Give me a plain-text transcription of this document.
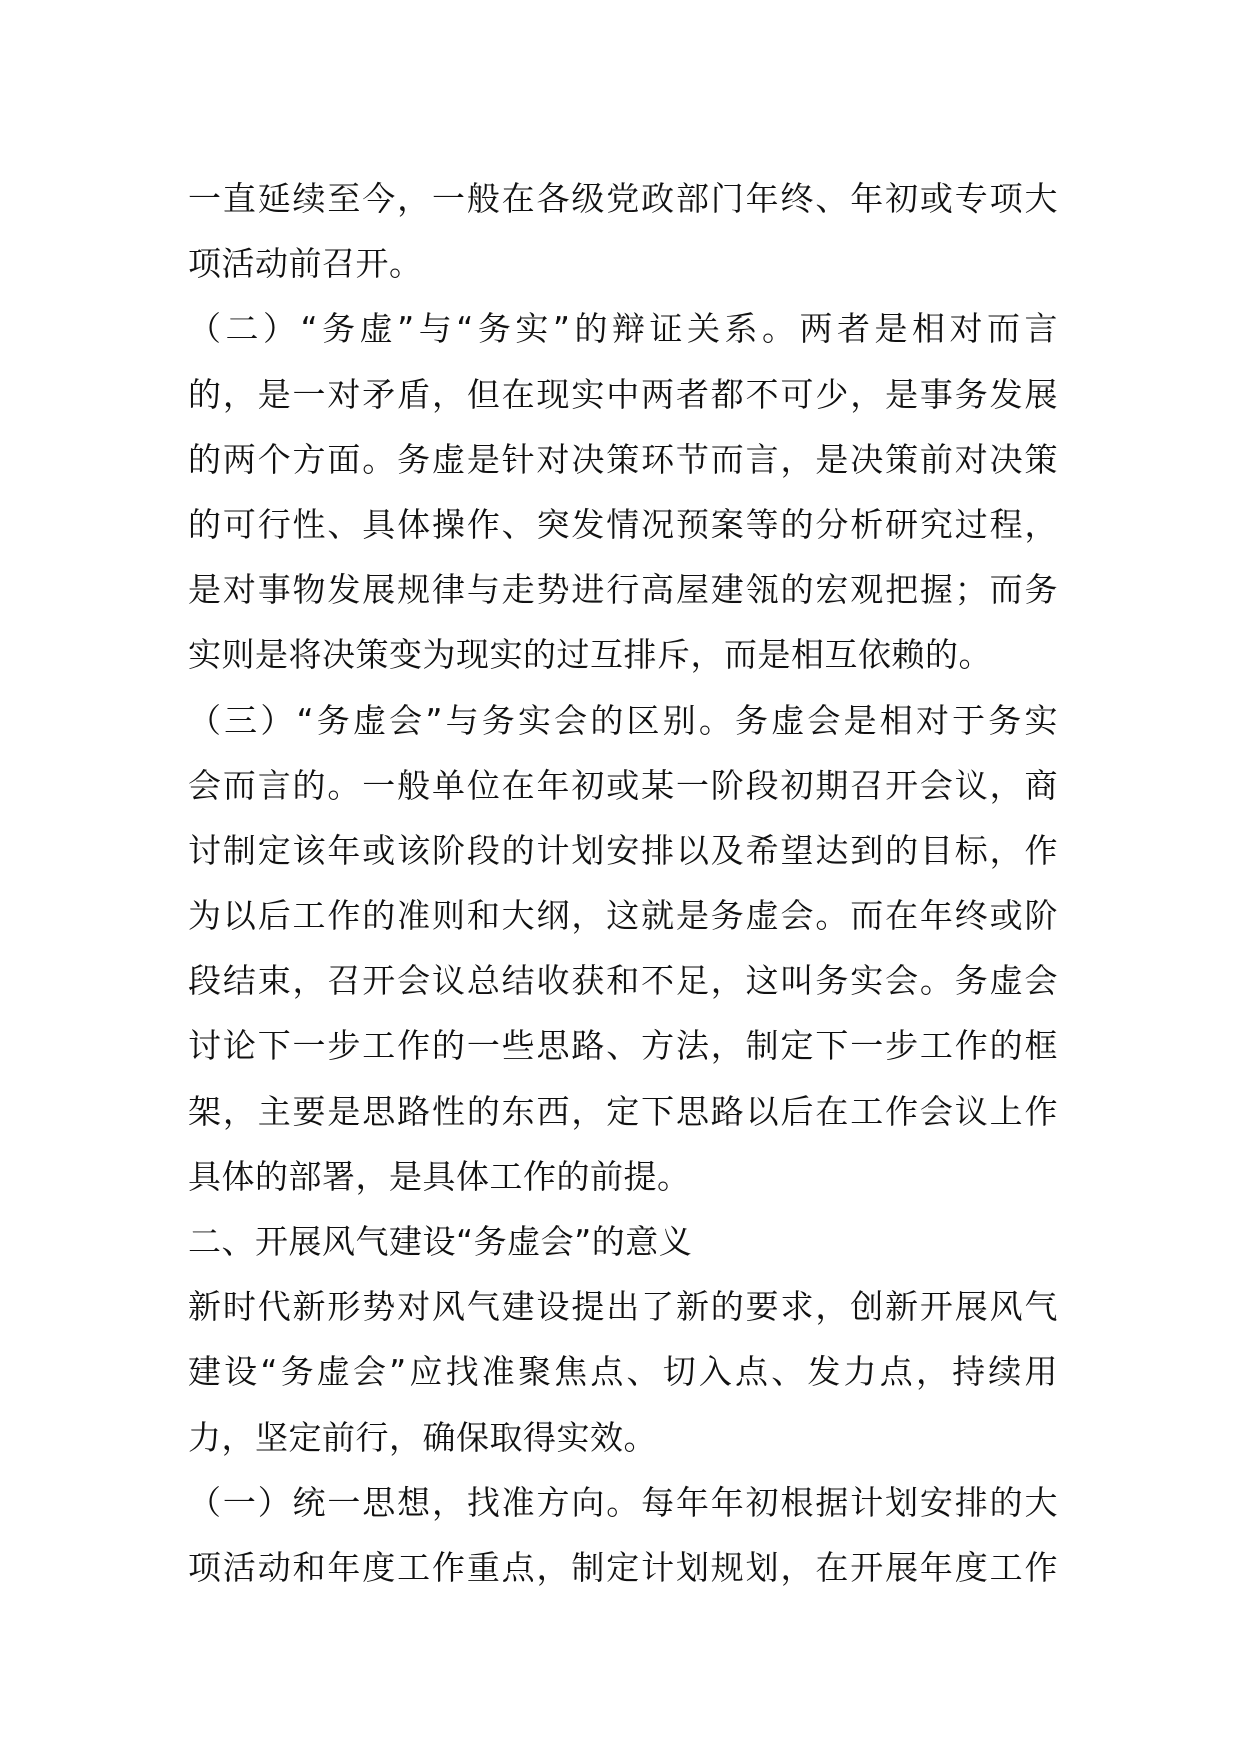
一直延续至今，一般在各级党政部门年终、年初或专项大
项活动前召开。
（二）“务虚”与“务实”的辩证关系。两者是相对而言
的，是一对矛盾，但在现实中两者都不可少，是事务发展
的两个方面。务虚是针对决策环节而言，是决策前对决策
的可行性、具体操作、突发情况预案等的分析研究过程，
是对事物发展规律与走势进行高屋建瓴的宏观把握；而务
实则是将决策变为现实的过互排斥，而是相互依赖的。
（三）“务虚会”与务实会的区别。务虚会是相对于务实
会而言的。一般单位在年初或某一阶段初期召开会议，商
讨制定该年或该阶段的计划安排以及希望达到的目标，作
为以后工作的准则和大纲，这就是务虚会。而在年终或阶
段结束，召开会议总结收获和不足，这叫务实会。务虚会
讨论下一步工作的一些思路、方法，制定下一步工作的框
架，主要是思路性的东西，定下思路以后在工作会议上作
具体的部署，是具体工作的前提。
二、开展风气建设“务虚会”的意义
新时代新形势对风气建设提出了新的要求，创新开展风气
建设“务虚会”应找准聚焦点、切入点、发力点，持续用
力，坚定前行，确保取得实效。
（一）统一思想，找准方向。每年年初根据计划安排的大
项活动和年度工作重点，制定计划规划，在开展年度工作
